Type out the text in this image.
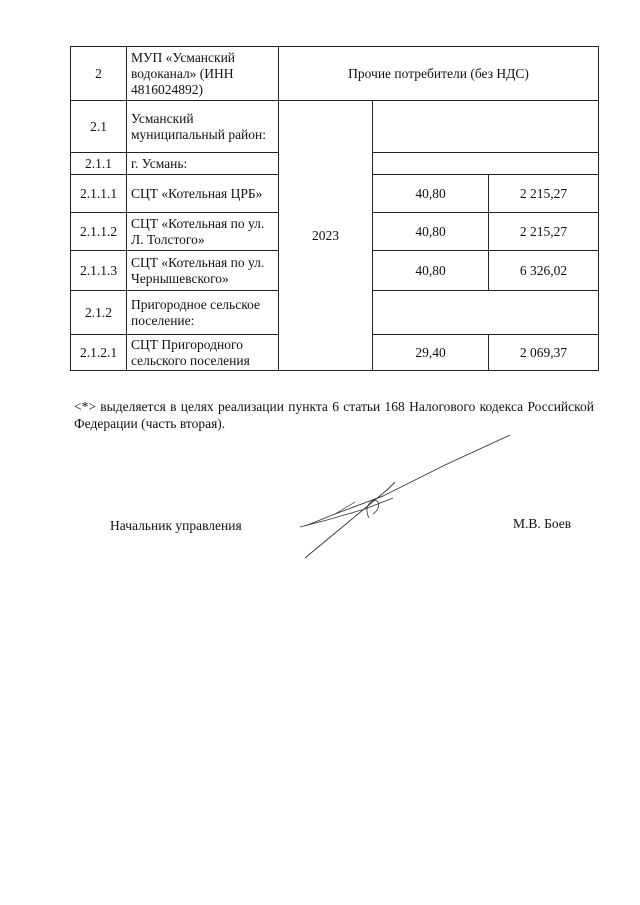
2	МУП «Усманский водоканал» (ИНН 4816024892)	Прочие потребители (без НДС)		
2.1	Усманский муниципальный район:	2023		
2.1.1	г. Усмань:			
2.1.1.1	СЦТ «Котельная ЦРБ»		40,80	2 215,27
2.1.1.2	СЦТ «Котельная по ул. Л. Толстого»		40,80	2 215,27
2.1.1.3	СЦТ «Котельная по ул. Чернышевского»		40,80	6 326,02
2.1.2	Пригородное сельское поселение:			
2.1.2.1	СЦТ Пригородного сельского поселения		29,40	2 069,37
<*> выделяется в целях реализации пункта 6 статьи 168 Налогового кодекса Российской Федерации (часть вторая).
Начальник управления	М.В. Боев
